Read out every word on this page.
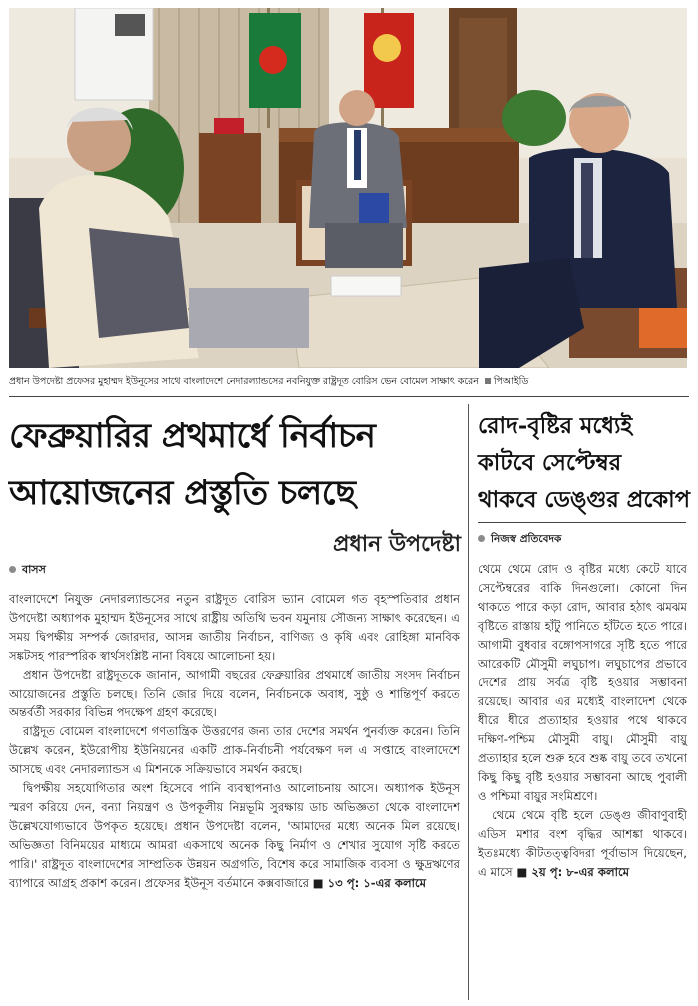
প্রধান উপদেষ্টা প্রফেসর মুহাম্মদ ইউনূসের সাথে বাংলাদেশে নেদারল্যান্ডসের নবনিযুক্ত রাষ্ট্রদূত বোরিস ভেন বোমেল সাক্ষাৎ করেন পিআইডি
ফেব্রুয়ারির প্রথমার্ধে নির্বাচন
আয়োজনের প্রস্তুতি চলছে
প্রধান উপদেষ্টা
বাসস

বাংলাদেশে নিযুক্ত নেদারল্যান্ডসের নতুন রাষ্ট্রদূত বোরিস ভ্যান বোমেল গত বৃহস্পতিবার প্রধান উপদেষ্টা অধ্যাপক মুহাম্মদ ইউনূসের সাথে রাষ্ট্রীয় অতিথি ভবন যমুনায় সৌজন্য সাক্ষাৎ করেছেন। এ সময় দ্বিপক্ষীয় সম্পর্ক জোরদার, আসন্ন জাতীয় নির্বাচন, বাণিজ্য ও কৃষি এবং রোহিঙ্গা মানবিক সঙ্কটসহ পারস্পরিক স্বার্থসংশ্লিষ্ট নানা বিষয়ে আলোচনা হয়।

প্রধান উপদেষ্টা রাষ্ট্রদূতকে জানান, আগামী বছরের ফেব্রুয়ারির প্রথমার্ধে জাতীয় সংসদ নির্বাচন আয়োজনের প্রস্তুতি চলছে। তিনি জোর দিয়ে বলেন, নির্বাচনকে অবাধ, সুষ্ঠু ও শান্তিপূর্ণ করতে অন্তর্বর্তী সরকার বিভিন্ন পদক্ষেপ গ্রহণ করেছে।

রাষ্ট্রদূত বোমেল বাংলাদেশে গণতান্ত্রিক উত্তরণের জন্য তার দেশের সমর্থন পুনর্ব্যক্ত করেন। তিনি উল্লেখ করেন, ইউরোপীয় ইউনিয়নের একটি প্রাক-নির্বাচনী পর্যবেক্ষণ দল এ সপ্তাহে বাংলাদেশে আসছে এবং নেদারল্যান্ডস এ মিশনকে সক্রিয়ভাবে সমর্থন করছে।

দ্বিপক্ষীয় সহযোগিতার অংশ হিসেবে পানি ব্যবস্থাপনাও আলোচনায় আসে। অধ্যাপক ইউনূস স্মরণ করিয়ে দেন, বন্যা নিয়ন্ত্রণ ও উপকূলীয় নিম্নভূমি সুরক্ষায় ডাচ অভিজ্ঞতা থেকে বাংলাদেশ উল্লেখযোগ্যভাবে উপকৃত হয়েছে। প্রধান উপদেষ্টা বলেন, 'আমাদের মধ্যে অনেক মিল রয়েছে। অভিজ্ঞতা বিনিময়ের মাধ্যমে আমরা একসাথে অনেক কিছু নির্মাণ ও শেখার সুযোগ সৃষ্টি করতে পারি।' রাষ্ট্রদূত বাংলাদেশের সাম্প্রতিক উন্নয়ন অগ্রগতি, বিশেষ করে সামাজিক ব্যবসা ও ক্ষুদ্রঋণের ব্যাপারে আগ্রহ প্রকাশ করেন। প্রফেসর ইউনূস বর্তমানে কক্সবাজারে ■ ১৩ পৃ: ১-এর কলামে

রোদ-বৃষ্টির মধ্যেই
কাটবে সেপ্টেম্বর
থাকবে ডেঙ্গুর প্রকোপ
নিজস্ব প্রতিবেদক

থেমে থেমে রোদ ও বৃষ্টির মধ্যে কেটে যাবে সেপ্টেম্বরের বাকি দিনগুলো। কোনো দিন থাকতে পারে কড়া রোদ, আবার হঠাৎ ঝমঝম বৃষ্টিতে রাস্তায় হাঁটু পানিতে হাঁটতে হতে পারে। আগামী বুধবার বঙ্গোপসাগরে সৃষ্টি হতে পারে আরেকটি মৌসুমী লঘুচাপ। লঘুচাপের প্রভাবে দেশের প্রায় সর্বত্র বৃষ্টি হওয়ার সম্ভাবনা রয়েছে। আবার এর মধ্যেই বাংলাদেশ থেকে ধীরে ধীরে প্রত্যাহার হওয়ার পথে থাকবে দক্ষিণ-পশ্চিম মৌসুমী বায়ু। মৌসুমী বায়ু প্রত্যাহার হলে শুরু হবে শুষ্ক বায়ু তবে তখনো কিছু কিছু বৃষ্টি হওয়ার সম্ভাবনা আছে পুবালী ও পশ্চিমা বায়ুর সংমিশ্রণে।

থেমে থেমে বৃষ্টি হলে ডেঙ্গু জীবাণুবাহী এডিস মশার বংশ বৃদ্ধির আশঙ্কা থাকবে। ইতঃমধ্যে কীটতত্ত্ববিদরা পূর্বাভাস দিয়েছেন, এ মাসে ■ ২য় পৃ: ৮-এর কলামে
